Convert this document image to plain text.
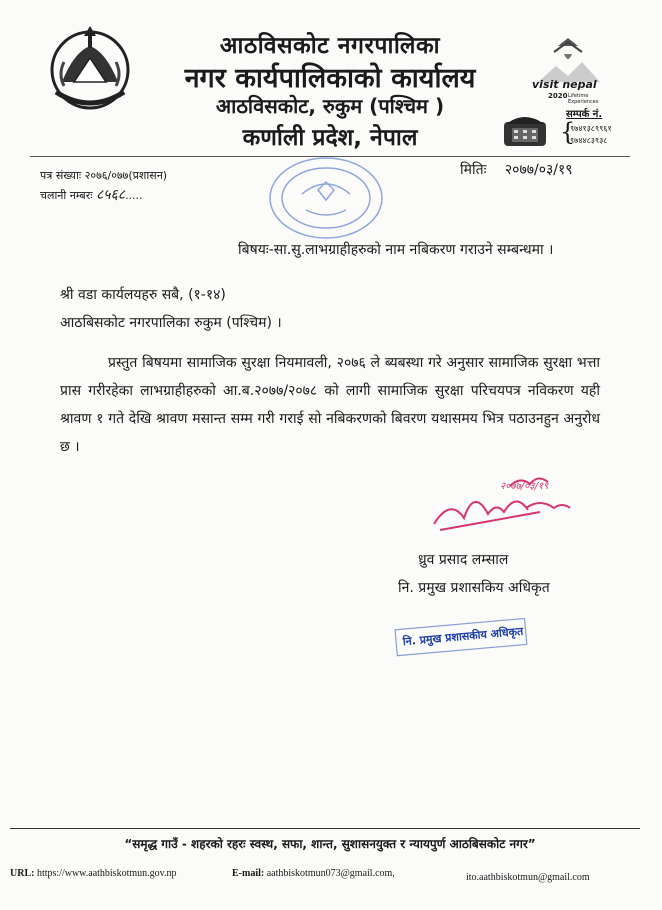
आठविसकोट नगरपालिका
नगर कार्यपालिकाको कार्यालय
आठविसकोट, रुकुम (पश्चिम )
कर्णाली प्रदेश, नेपाल
visit nepal
2020 Lifetime Experiences
सम्पर्क नं.
{
९७४१३८९९६१
९७४४८३९३८
पत्र संख्याः २०७६/०७७(प्रशासन)
चलानी नम्बरः ८५६८.....
मितिः २०७७/०३/१९
बिषयः-सा.सु.लाभग्राहीहरुको नाम नबिकरण गराउने सम्बन्धमा ।
श्री वडा कार्यलयहरु सबै, (१-१४)
आठबिसकोट नगरपालिका रुकुम (पश्चिम) ।
प्रस्तुत बिषयमा सामाजिक सुरक्षा नियमावली, २०७६ ले ब्यबस्था गरे अनुसार सामाजिक सुरक्षा भत्ता प्रास गरीरहेका लाभग्राहीहरुको आ.ब.२०७७/२०७८ को लागी सामाजिक सुरक्षा परिचयपत्र नविकरण यही श्रावण १ गते देखि श्रावण मसान्त सम्म गरी गराई सो नबिकरणको बिवरण यथासमय भित्र पठाउनहुन अनुरोध छ ।
२०७७/०३/१९
ध्रुव प्रसाद लम्साल
नि. प्रमुख प्रशासकिय अधिकृत
नि. प्रमुख प्रशासकीय अधिकृत
“समृद्ध गाउँ - शहरको रहरः स्वस्थ, सफा, शान्त, सुशासनयुक्त र न्यायपुर्ण आठबिसकोट नगर”
URL: https://www.aathbiskotmun.gov.np	E-mail: aathbiskotmun073@gmail.com,	ito.aathbiskotmun@gmail.com
